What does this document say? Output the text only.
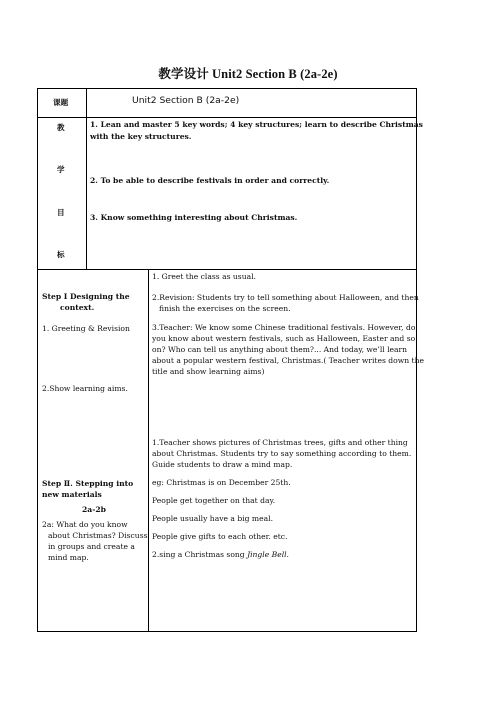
教学设计 Unit2 Section B (2a-2e)
课题	Unit2 Section B (2a-2e)
教
学
目
标
1. Lean and master 5 key words; 4 key structures; learn to describe Christmas
with the key structures.
2. To be able to describe festivals in order and correctly.
3. Know something interesting about Christmas.
Step Ⅰ Designing the
context.
1. Greeting & Revision
2.Show learning aims.
Step Ⅱ. Stepping into
new materials
2a-2b
2a: What do you know
about Christmas? Discuss
in groups and create a
mind map.
1. Greet the class as usual.
2.Revision: Students try to tell something about Halloween, and then
finish the exercises on the screen.
3.Teacher: We know some Chinese traditional festivals. However, do
you know about western festivals, such as Halloween, Easter and so
on? Who can tell us anything about them?... And today, we’ll learn
about a popular western festival, Christmas.( Teacher writes down the
title and show learning aims)
1.Teacher shows pictures of Christmas trees, gifts and other thing
about Christmas. Students try to say something according to them.
Guide students to draw a mind map.
eg: Christmas is on December 25th.
People get together on that day.
People usually have a big meal.
People give gifts to each other. etc.
2.sing a Christmas song Jingle Bell.
